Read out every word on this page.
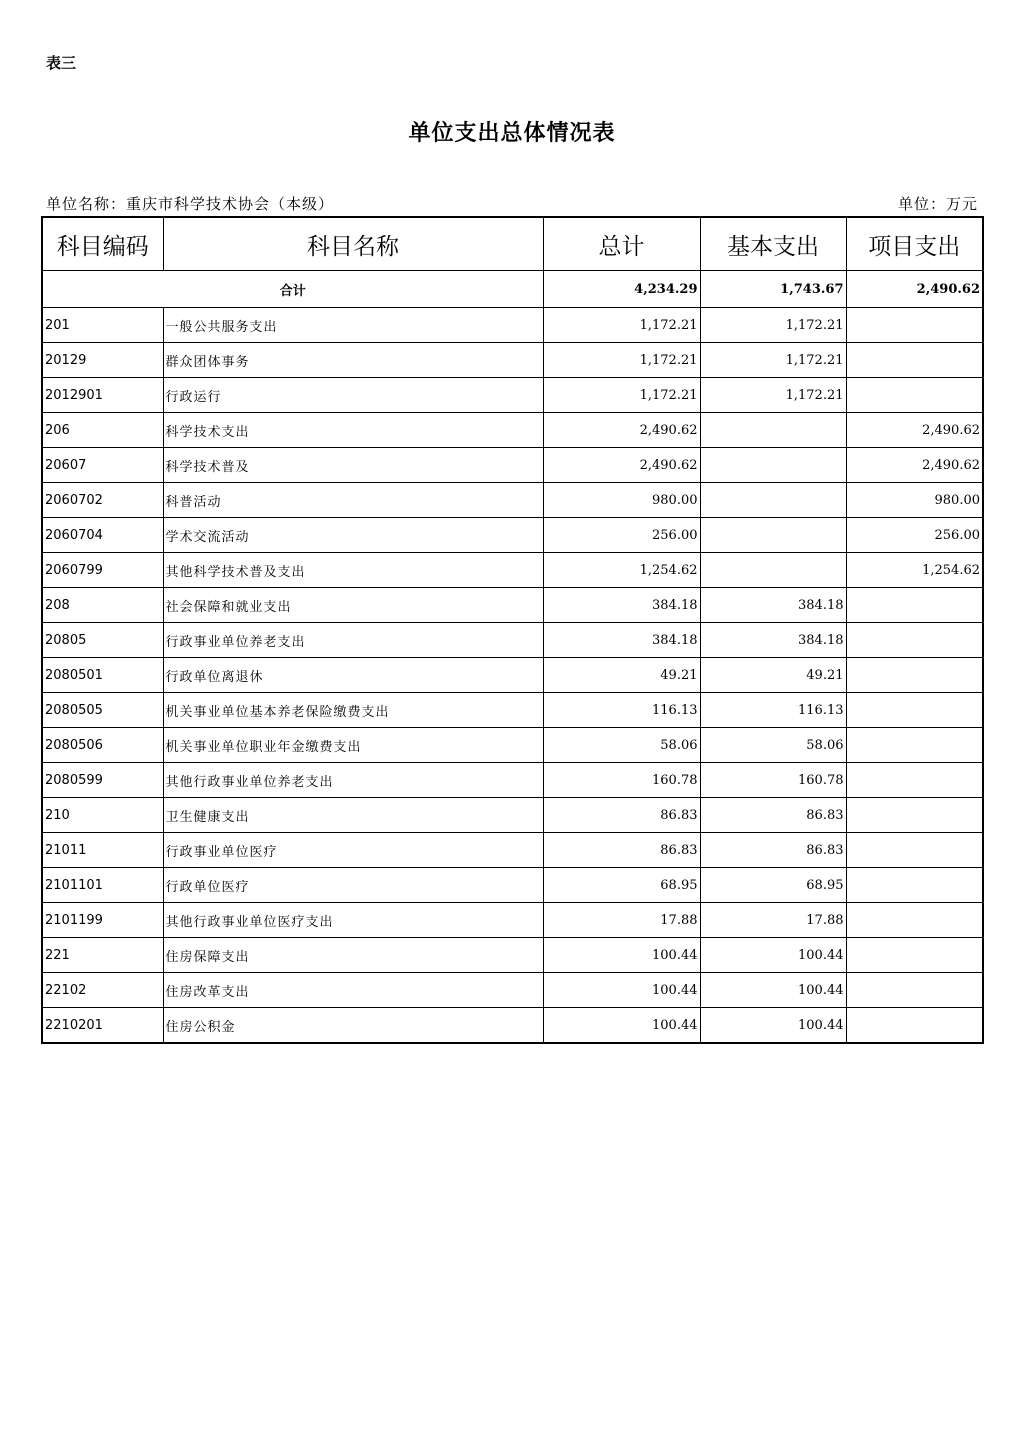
表三
单位支出总体情况表
单位名称：重庆市科学技术协会（本级）	单位：万元
科目编码	科目名称	总计	基本支出	项目支出
合计		4,234.29	1,743.67	2,490.62
201	一般公共服务支出	1,172.21	1,172.21	
20129	群众团体事务	1,172.21	1,172.21	
2012901	行政运行	1,172.21	1,172.21	
206	科学技术支出	2,490.62		2,490.62
20607	科学技术普及	2,490.62		2,490.62
2060702	科普活动	980.00		980.00
2060704	学术交流活动	256.00		256.00
2060799	其他科学技术普及支出	1,254.62		1,254.62
208	社会保障和就业支出	384.18	384.18	
20805	行政事业单位养老支出	384.18	384.18	
2080501	行政单位离退休	49.21	49.21	
2080505	机关事业单位基本养老保险缴费支出	116.13	116.13	
2080506	机关事业单位职业年金缴费支出	58.06	58.06	
2080599	其他行政事业单位养老支出	160.78	160.78	
210	卫生健康支出	86.83	86.83	
21011	行政事业单位医疗	86.83	86.83	
2101101	行政单位医疗	68.95	68.95	
2101199	其他行政事业单位医疗支出	17.88	17.88	
221	住房保障支出	100.44	100.44	
22102	住房改革支出	100.44	100.44	
2210201	住房公积金	100.44	100.44	
